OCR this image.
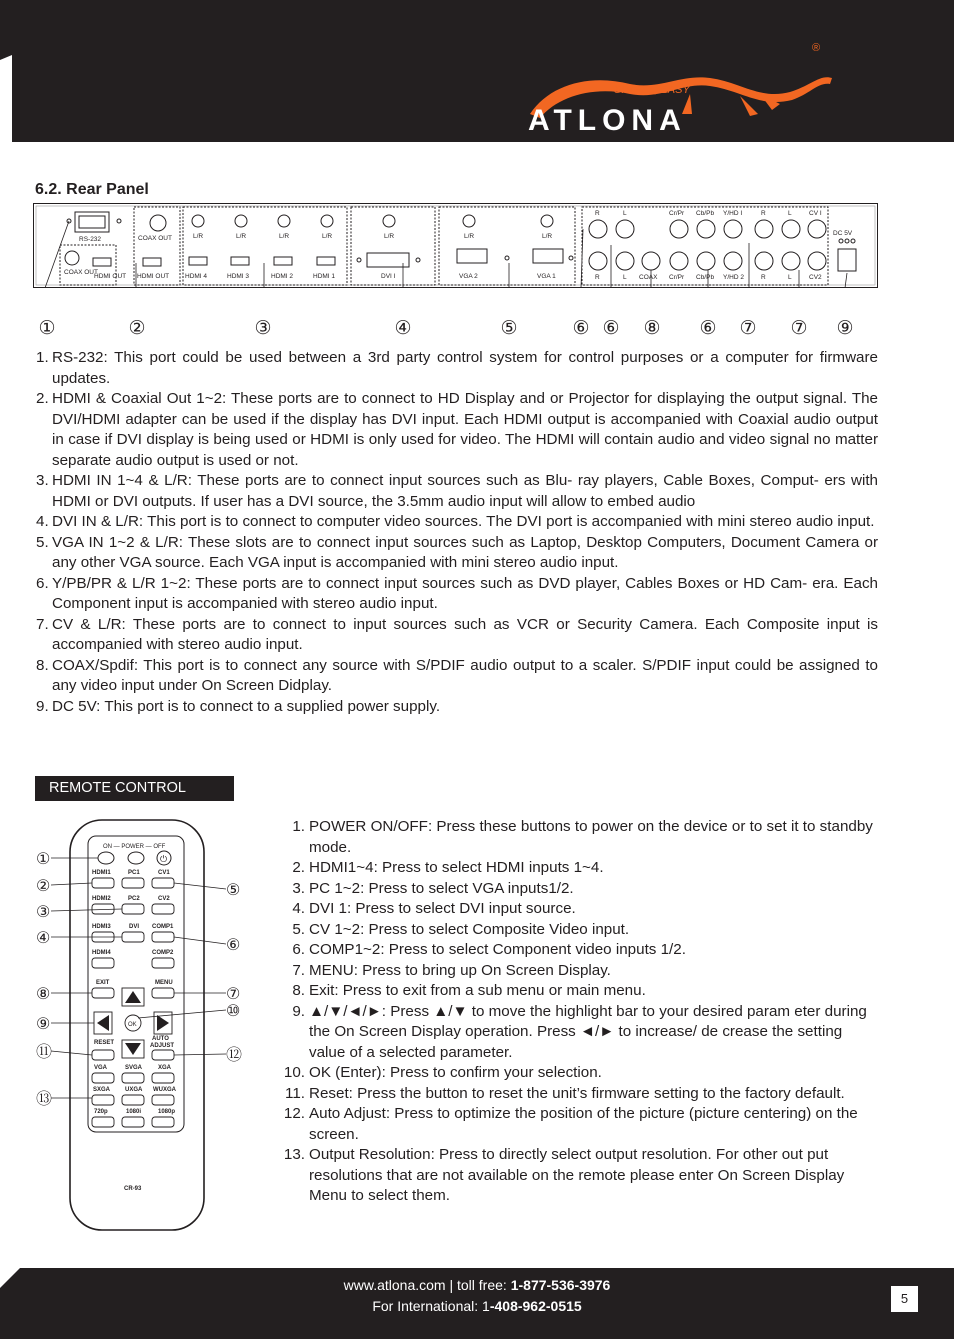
SIMPLE, EASY
®
ATLONA
6.2. Rear Panel
RS-232
COAX OUT
HDMI OUT HDMI OUT
COAX OUT	L/R
HDMI 4
L/R
HDMI 3
L/R
HDMI 2
L/R
HDMI 1
L/R
DVI I
L/R
VGA 2
L/R
VGA 1
R	L
R	L COAX
Cr/Pr Cb/Pb Y/HD I
Cr/Pr Cb/Pb Y/HD 2
R	L	CV I
R	L	CV2
DC 5V
①	②	③	④	⑤	⑥ ⑥ ⑧ ⑥ ⑦ ⑦ ⑨
1. RS-232: This port could be used between a 3rd party control system for control purposes or a computer for firmware updates.
2. HDMI & Coaxial Out 1~2: These ports are to connect to HD Display and or Projector for displaying the output signal. The DVI/HDMI adapter can be used if the display has DVI input. Each HDMI output is accompanied with Coaxial audio output in case if DVI display is being used or HDMI is only used for video. The HDMI will contain audio and video signal no matter separate audio output is used or not.
3. HDMI IN 1~4 & L/R: These ports are to connect input sources such as Blu- ray players, Cable Boxes, Comput- ers with HDMI or DVI outputs. If user has a DVI source, the 3.5mm audio input will allow to embed audio
4. DVI IN & L/R: This port is to connect to computer video sources. The DVI port is accompanied with mini stereo audio input.
5. VGA IN 1~2 & L/R: These slots are to connect input sources such as Laptop, Desktop Computers, Document Camera or any other VGA source. Each VGA input is accompanied with mini stereo audio input.
6. Y/PB/PR & L/R 1~2: These ports are to connect input sources such as DVD player, Cables Boxes or HD Cam- era. Each Component input is accompanied with stereo audio input.
7. CV & L/R: These ports are to connect to input sources such as VCR or Security Camera. Each Composite input is accompanied with stereo audio input.
8. COAX/Spdif: This port is to connect any source with S/PDIF audio output to a scaler. S/PDIF input could be assigned to any video input under On Screen Didplay.
9. DC 5V: This port is to connect to a supplied power supply.
REMOTE CONTROL
ON — POWER — OFF
⏻
HDMI1	PC1	CV1
HDMI2	PC2	CV2
HDMI3	DVI COMP1
HDMI4	COMP2
EXIT	MENU
RESET
AUTO
ADJUST
VGA	SVGA	XGA
SXGA UXGA WUXGA
720p	1080i	1080p
CR-93
OK
①
②
③
④
⑧
⑨
⑪
⑬
⑤
⑥
⑦
⑩
⑫
1. POWER ON/OFF: Press these buttons to power on the device or to set it to standby mode.
2. HDMI1~4: Press to select HDMI inputs 1~4.
3. PC 1~2: Press to select VGA inputs1/2.
4. DVI 1: Press to select DVI input source.
5. CV 1~2: Press to select Composite Video input.
6. COMP1~2: Press to select Component video inputs 1/2.
7. MENU: Press to bring up On Screen Display.
8. Exit: Press to exit from a sub menu or main menu.
9. ▲/▼/◄/►: Press ▲/▼ to move the highlight bar to your desired param eter during the On Screen Display operation. Press ◄/► to increase/ de crease the setting value of a selected parameter.
10. OK (Enter): Press to confirm your selection.
11. Reset: Press the button to reset the unit’s firmware setting to the factory default.
12. Auto Adjust: Press to optimize the position of the picture (picture centering) on the screen.
13. Output Resolution: Press to directly select output resolution. For other out put resolutions that are not available on the remote please enter On Screen Display Menu to select them.
www.atlona.com | toll free: 1-877-536-3976
For International: 1-408-962-0515	5
